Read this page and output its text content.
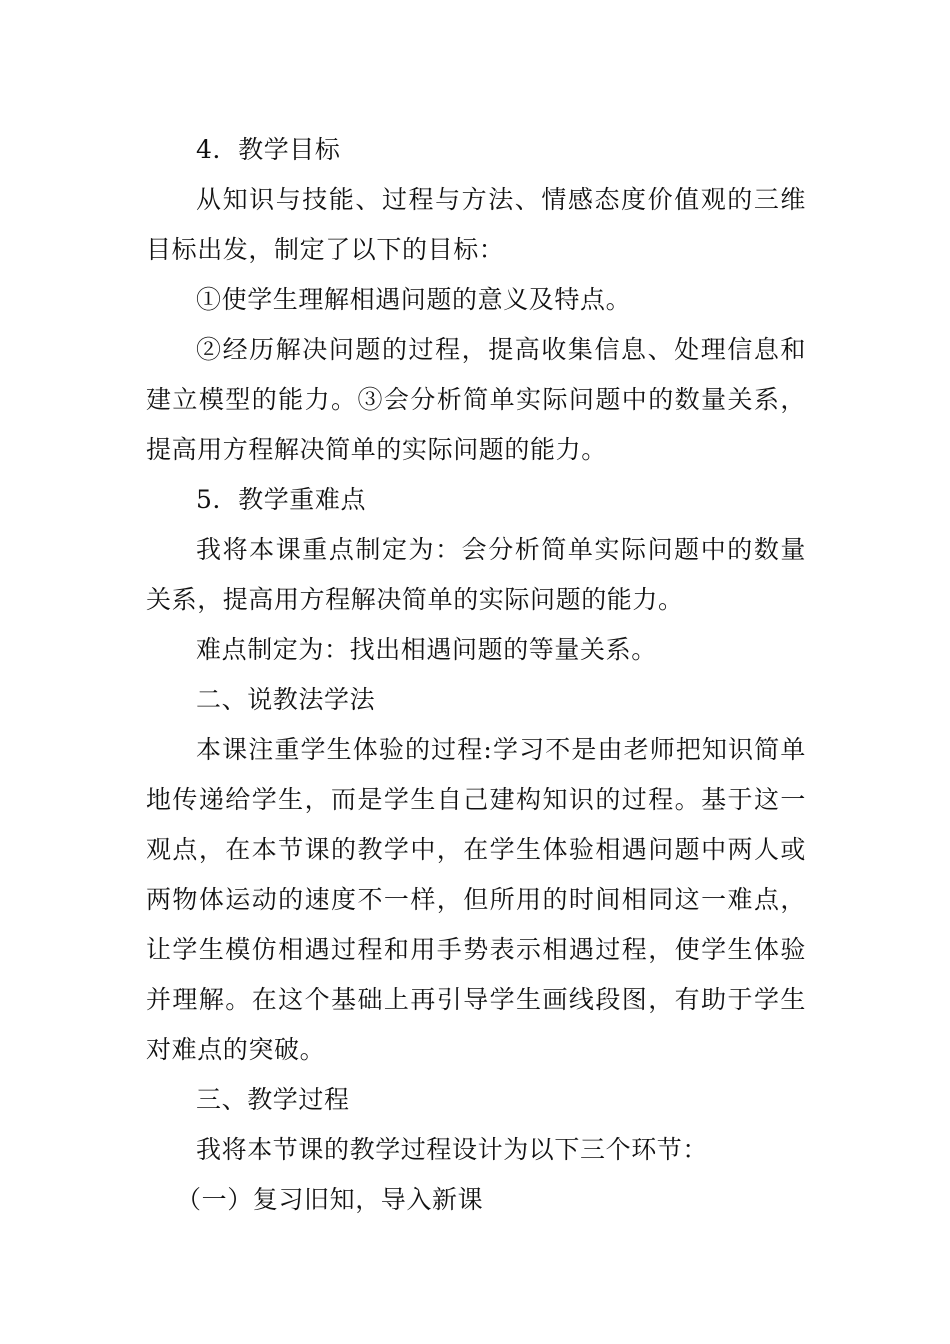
4．教学目标

从知识与技能、过程与方法、情感态度价值观的三维目标出发，制定了以下的目标：

①使学生理解相遇问题的意义及特点。

②经历解决问题的过程，提高收集信息、处理信息和建立模型的能力。③会分析简单实际问题中的数量关系，提高用方程解决简单的实际问题的能力。

5．教学重难点

我将本课重点制定为：会分析简单实际问题中的数量关系，提高用方程解决简单的实际问题的能力。

难点制定为：找出相遇问题的等量关系。

二、说教法学法

本课注重学生体验的过程:学习不是由老师把知识简单地传递给学生，而是学生自己建构知识的过程。基于这一观点，在本节课的教学中，在学生体验相遇问题中两人或两物体运动的速度不一样，但所用的时间相同这一难点，让学生模仿相遇过程和用手势表示相遇过程，使学生体验并理解。在这个基础上再引导学生画线段图，有助于学生对难点的突破。

三、教学过程

我将本节课的教学过程设计为以下三个环节：

（一）复习旧知，导入新课
